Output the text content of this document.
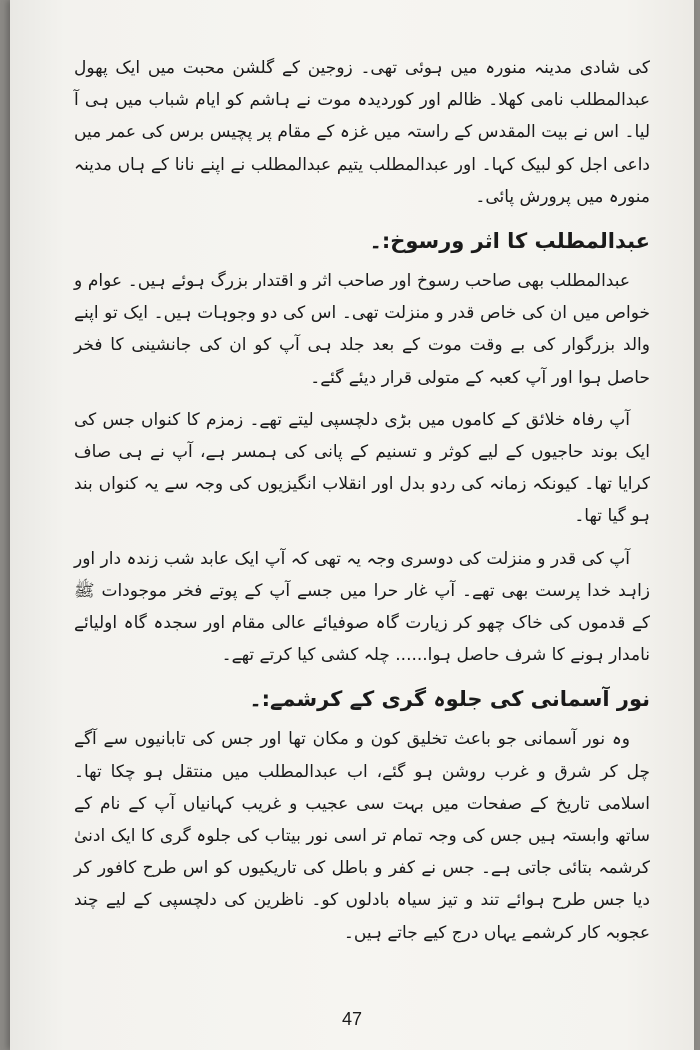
کی شادی مدینہ منورہ میں ہوئی تھی۔ زوجین کے گلشن محبت میں ایک پھول عبدالمطلب نامی کھلا۔ ظالم اور کوردیدہ موت نے ہاشم کو ایام شباب میں ہی آ لیا۔ اس نے بیت المقدس کے راستہ میں غزہ کے مقام پر پچیس برس کی عمر میں داعی اجل کو لبیک کہا۔ اور عبدالمطلب یتیم عبدالمطلب نے اپنے نانا کے ہاں مدینہ منورہ میں پرورش پائی۔

عبدالمطلب کا اثر ورسوخ:۔

عبدالمطلب بھی صاحب رسوخ اور صاحب اثر و اقتدار بزرگ ہوئے ہیں۔ عوام و خواص میں ان کی خاص قدر و منزلت تھی۔ اس کی دو وجوہات ہیں۔ ایک تو اپنے والد بزرگوار کی بے وقت موت کے بعد جلد ہی آپ کو ان کی جانشینی کا فخر حاصل ہوا اور آپ کعبہ کے متولی قرار دیئے گئے۔

آپ رفاہ خلائق کے کاموں میں بڑی دلچسپی لیتے تھے۔ زمزم کا کنواں جس کی ایک بوند حاجیوں کے لیے کوثر و تسنیم کے پانی کی ہمسر ہے، آپ نے ہی صاف کرایا تھا۔ کیونکہ زمانہ کی ردو بدل اور انقلاب انگیزیوں کی وجہ سے یہ کنواں بند ہو گیا تھا۔

آپ کی قدر و منزلت کی دوسری وجہ یہ تھی کہ آپ ایک عابد شب زندہ دار اور زاہد خدا پرست بھی تھے۔ آپ غار حرا میں جسے آپ کے پوتے فخر موجودات ﷺ کے قدموں کی خاک چھو کر زیارت گاہ صوفیائے عالی مقام اور سجدہ گاہ اولیائے نامدار ہونے کا شرف حاصل ہوا...... چلہ کشی کیا کرتے تھے۔

نور آسمانی کی جلوہ گری کے کرشمے:۔

وہ نور آسمانی جو باعث تخلیق کون و مکان تھا اور جس کی تابانیوں سے آگے چل کر شرق و غرب روشن ہو گئے، اب عبدالمطلب میں منتقل ہو چکا تھا۔ اسلامی تاریخ کے صفحات میں بہت سی عجیب و غریب کہانیاں آپ کے نام کے ساتھ وابستہ ہیں جس کی وجہ تمام تر اسی نور بیتاب کی جلوہ گری کا ایک ادنیٰ کرشمہ بتائی جاتی ہے۔ جس نے کفر و باطل کی تاریکیوں کو اس طرح کافور کر دیا جس طرح ہوائے تند و تیز سیاہ بادلوں کو۔ ناظرین کی دلچسپی کے لیے چند عجوبہ کار کرشمے یہاں درج کیے جاتے ہیں۔

47
